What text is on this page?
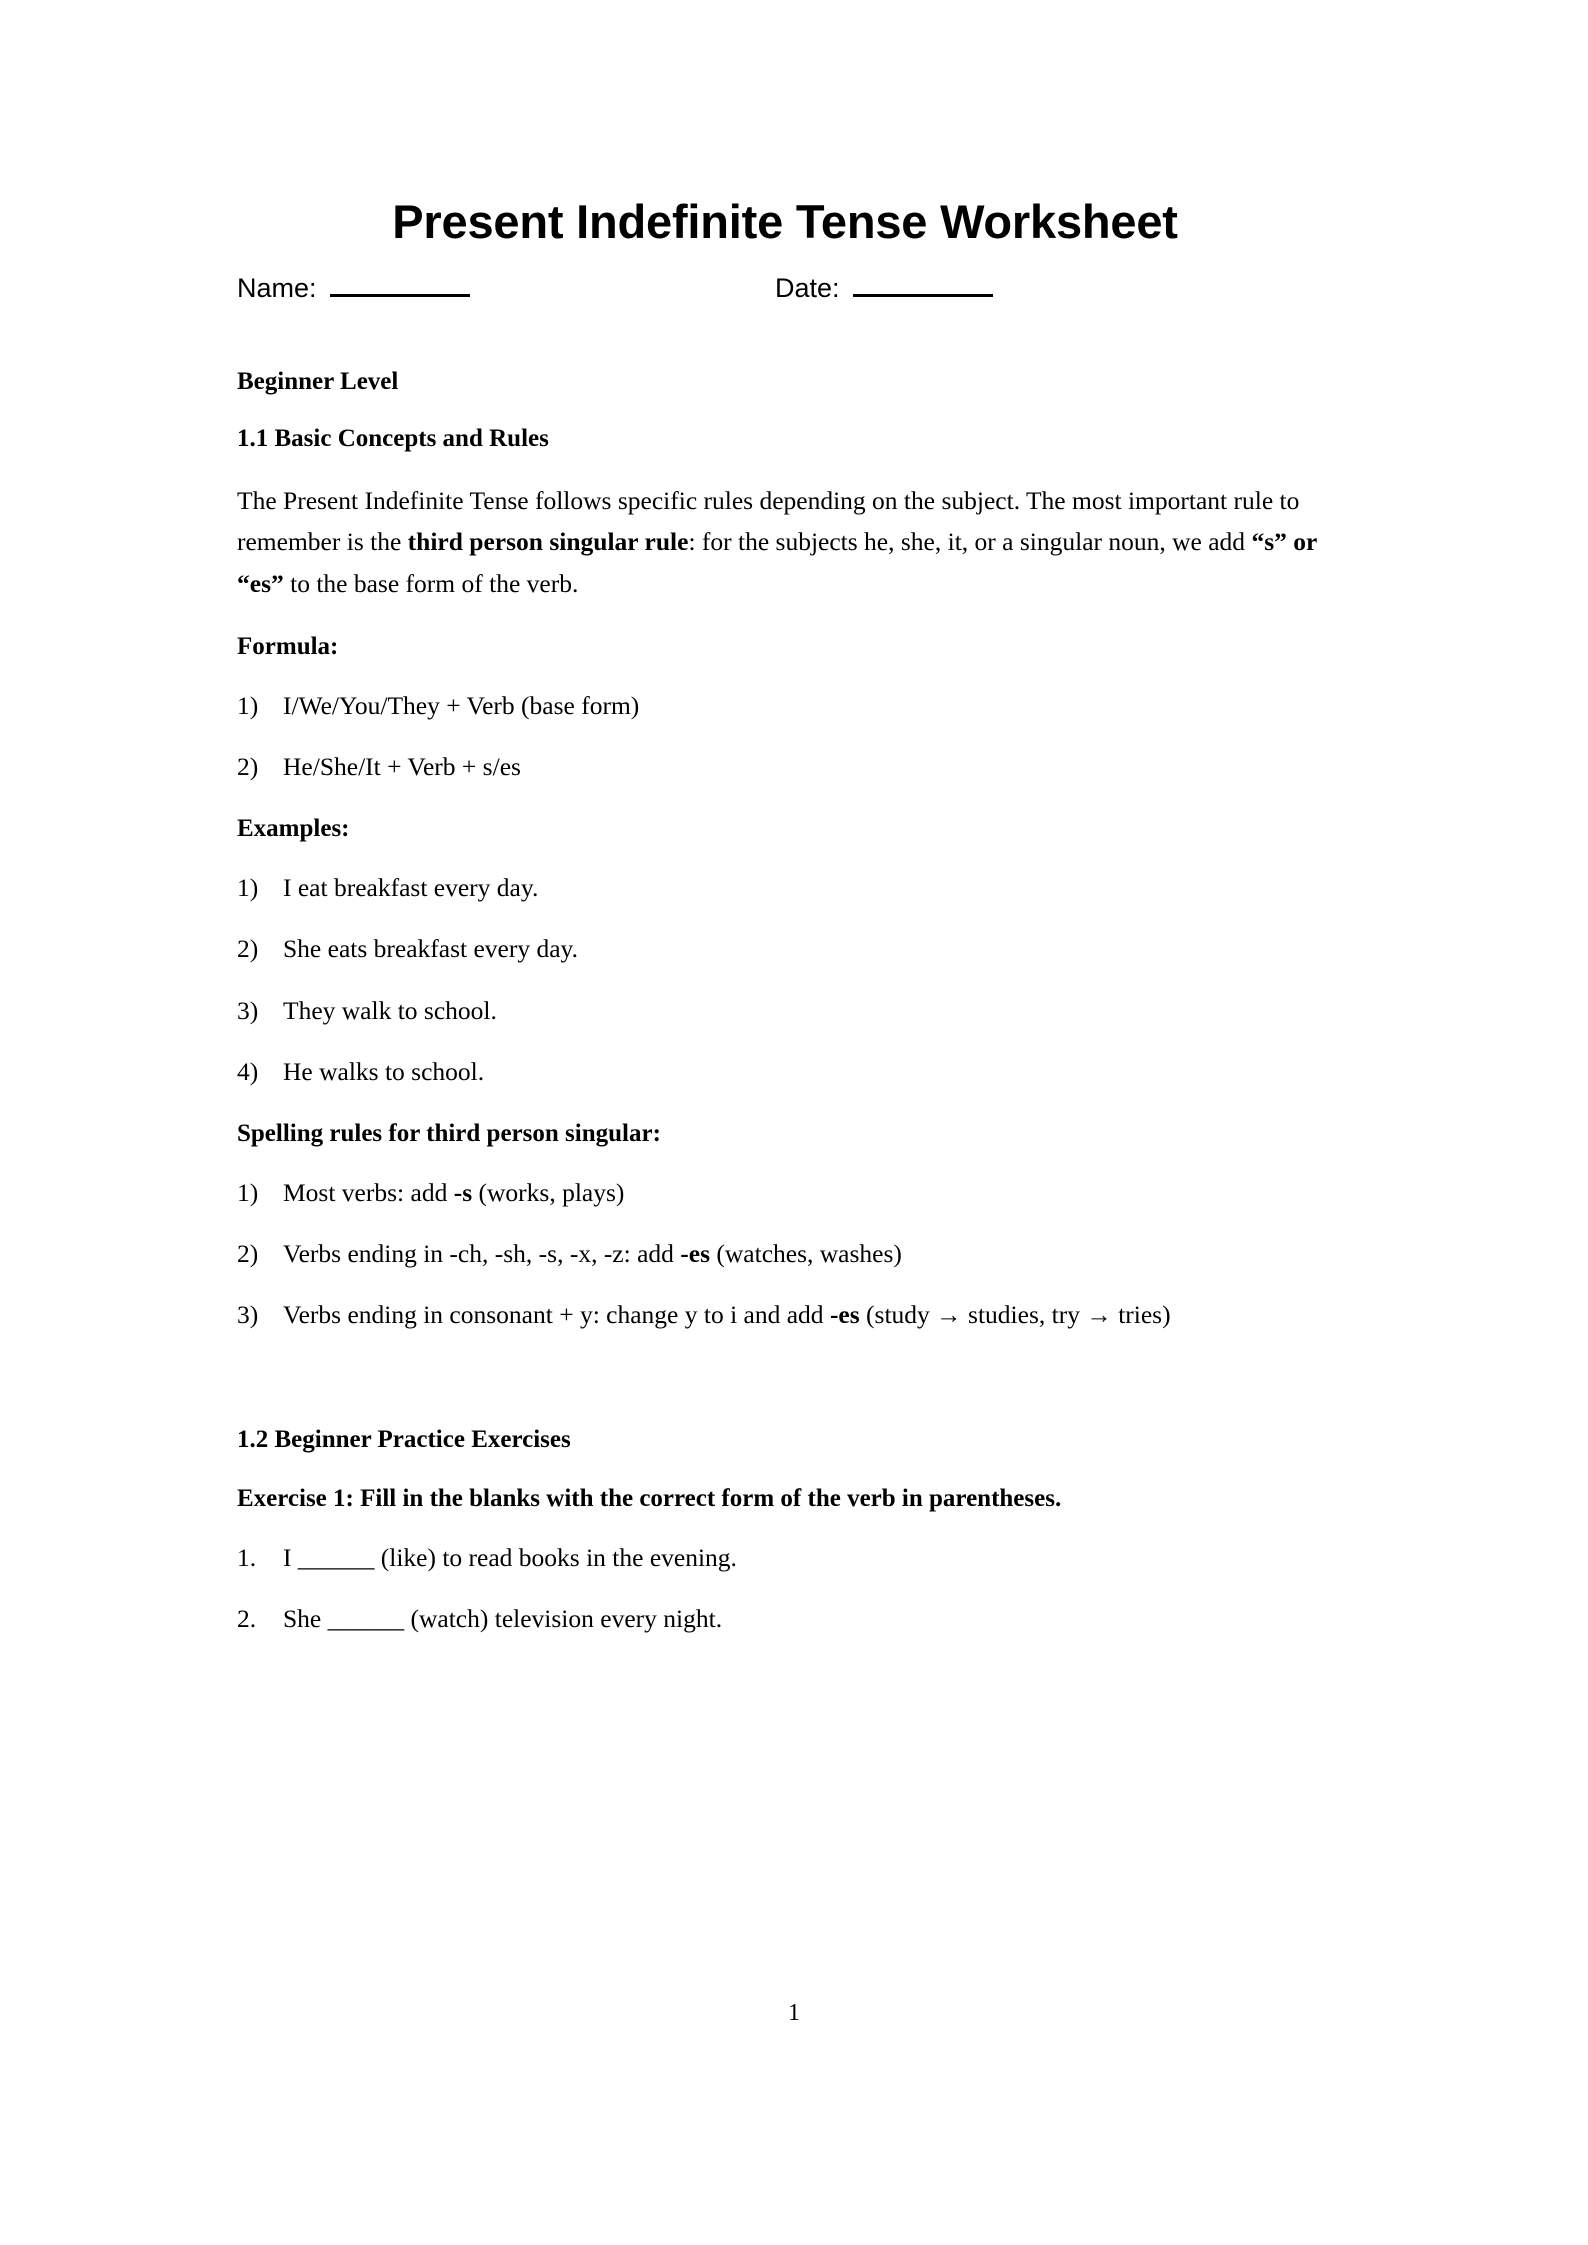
Present Indefinite Tense Worksheet
Name:	Date:

Beginner Level

1.1 Basic Concepts and Rules

The Present Indefinite Tense follows specific rules depending on the subject. The most important rule to remember is the third person singular rule: for the subjects he, she, it, or a singular noun, we add “s” or “es” to the base form of the verb.

Formula:

1) I/We/You/They + Verb (base form)
2) He/She/It + Verb + s/es

Examples:

1) I eat breakfast every day.
2) She eats breakfast every day.
3) They walk to school.
4) He walks to school.

Spelling rules for third person singular:

1) Most verbs: add -s (works, plays)
2) Verbs ending in -ch, -sh, -s, -x, -z: add -es (watches, washes)
3) Verbs ending in consonant + y: change y to i and add -es (study → studies, try → tries)

1.2 Beginner Practice Exercises

Exercise 1: Fill in the blanks with the correct form of the verb in parentheses.

1.	I ______ (like) to read books in the evening.
2.	She ______ (watch) television every night.
1
